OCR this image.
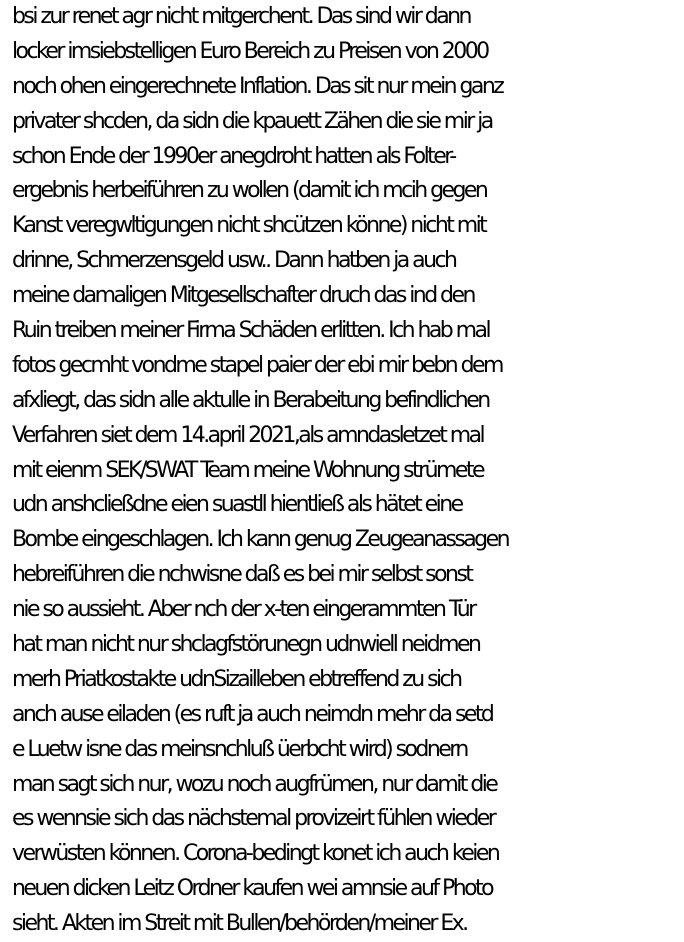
bsi zur renet agr nicht mitgerchent. Das sind wir dann
locker imsiebstelligen Euro Bereich zu Preisen von 2000
noch ohen eingerechnete Inflation. Das sit nur mein ganz
privater shcden, da sidn die kpauett Zähen die sie mir ja
schon Ende der 1990er anegdroht hatten als Folter-
ergebnis herbeiführen zu wollen (damit ich mcih gegen
Kanst veregwltigungen nicht shcützen könne) nicht mit
drinne, Schmerzensgeld usw.. Dann hatben ja auch
meine damaligen Mitgesellschafter druch das ind den
Ruin treiben meiner Firma Schäden erlitten. Ich hab mal
fotos gecmht vondme stapel paier der ebi mir bebn dem
afxliegt, das sidn alle aktulle in Berabeitung befindlichen
Verfahren siet dem 14.april 2021,als amndasletzet mal
mit eienm SEK/SWAT Team meine Wohnung strümete
udn anshcließdne eien suastll hientließ als hätet eine
Bombe eingeschlagen. Ich kann genug Zeugeanassagen
hebreiführen die nchwisne daß es bei mir selbst sonst
nie so aussieht. Aber nch der x-ten eingerammten Tür
hat man nicht nur shclagfstörunegn udnwiell neidmen
merh Priatkostakte udnSizailleben ebtreffend zu sich
anch ause eiladen (es ruft ja auch neimdn mehr da setd
e Luetw isne das meinsnchluß üerbcht wird) sodnern
man sagt sich nur, wozu noch augfrümen, nur damit die
es wennsie sich das nächstemal provizeirt fühlen wieder
verwüsten können. Corona-bedingt konet ich auch keien
neuen dicken Leitz Ordner kaufen wei amnsie auf Photo
sieht. Akten im Streit mit Bullen/behörden/meiner Ex.
